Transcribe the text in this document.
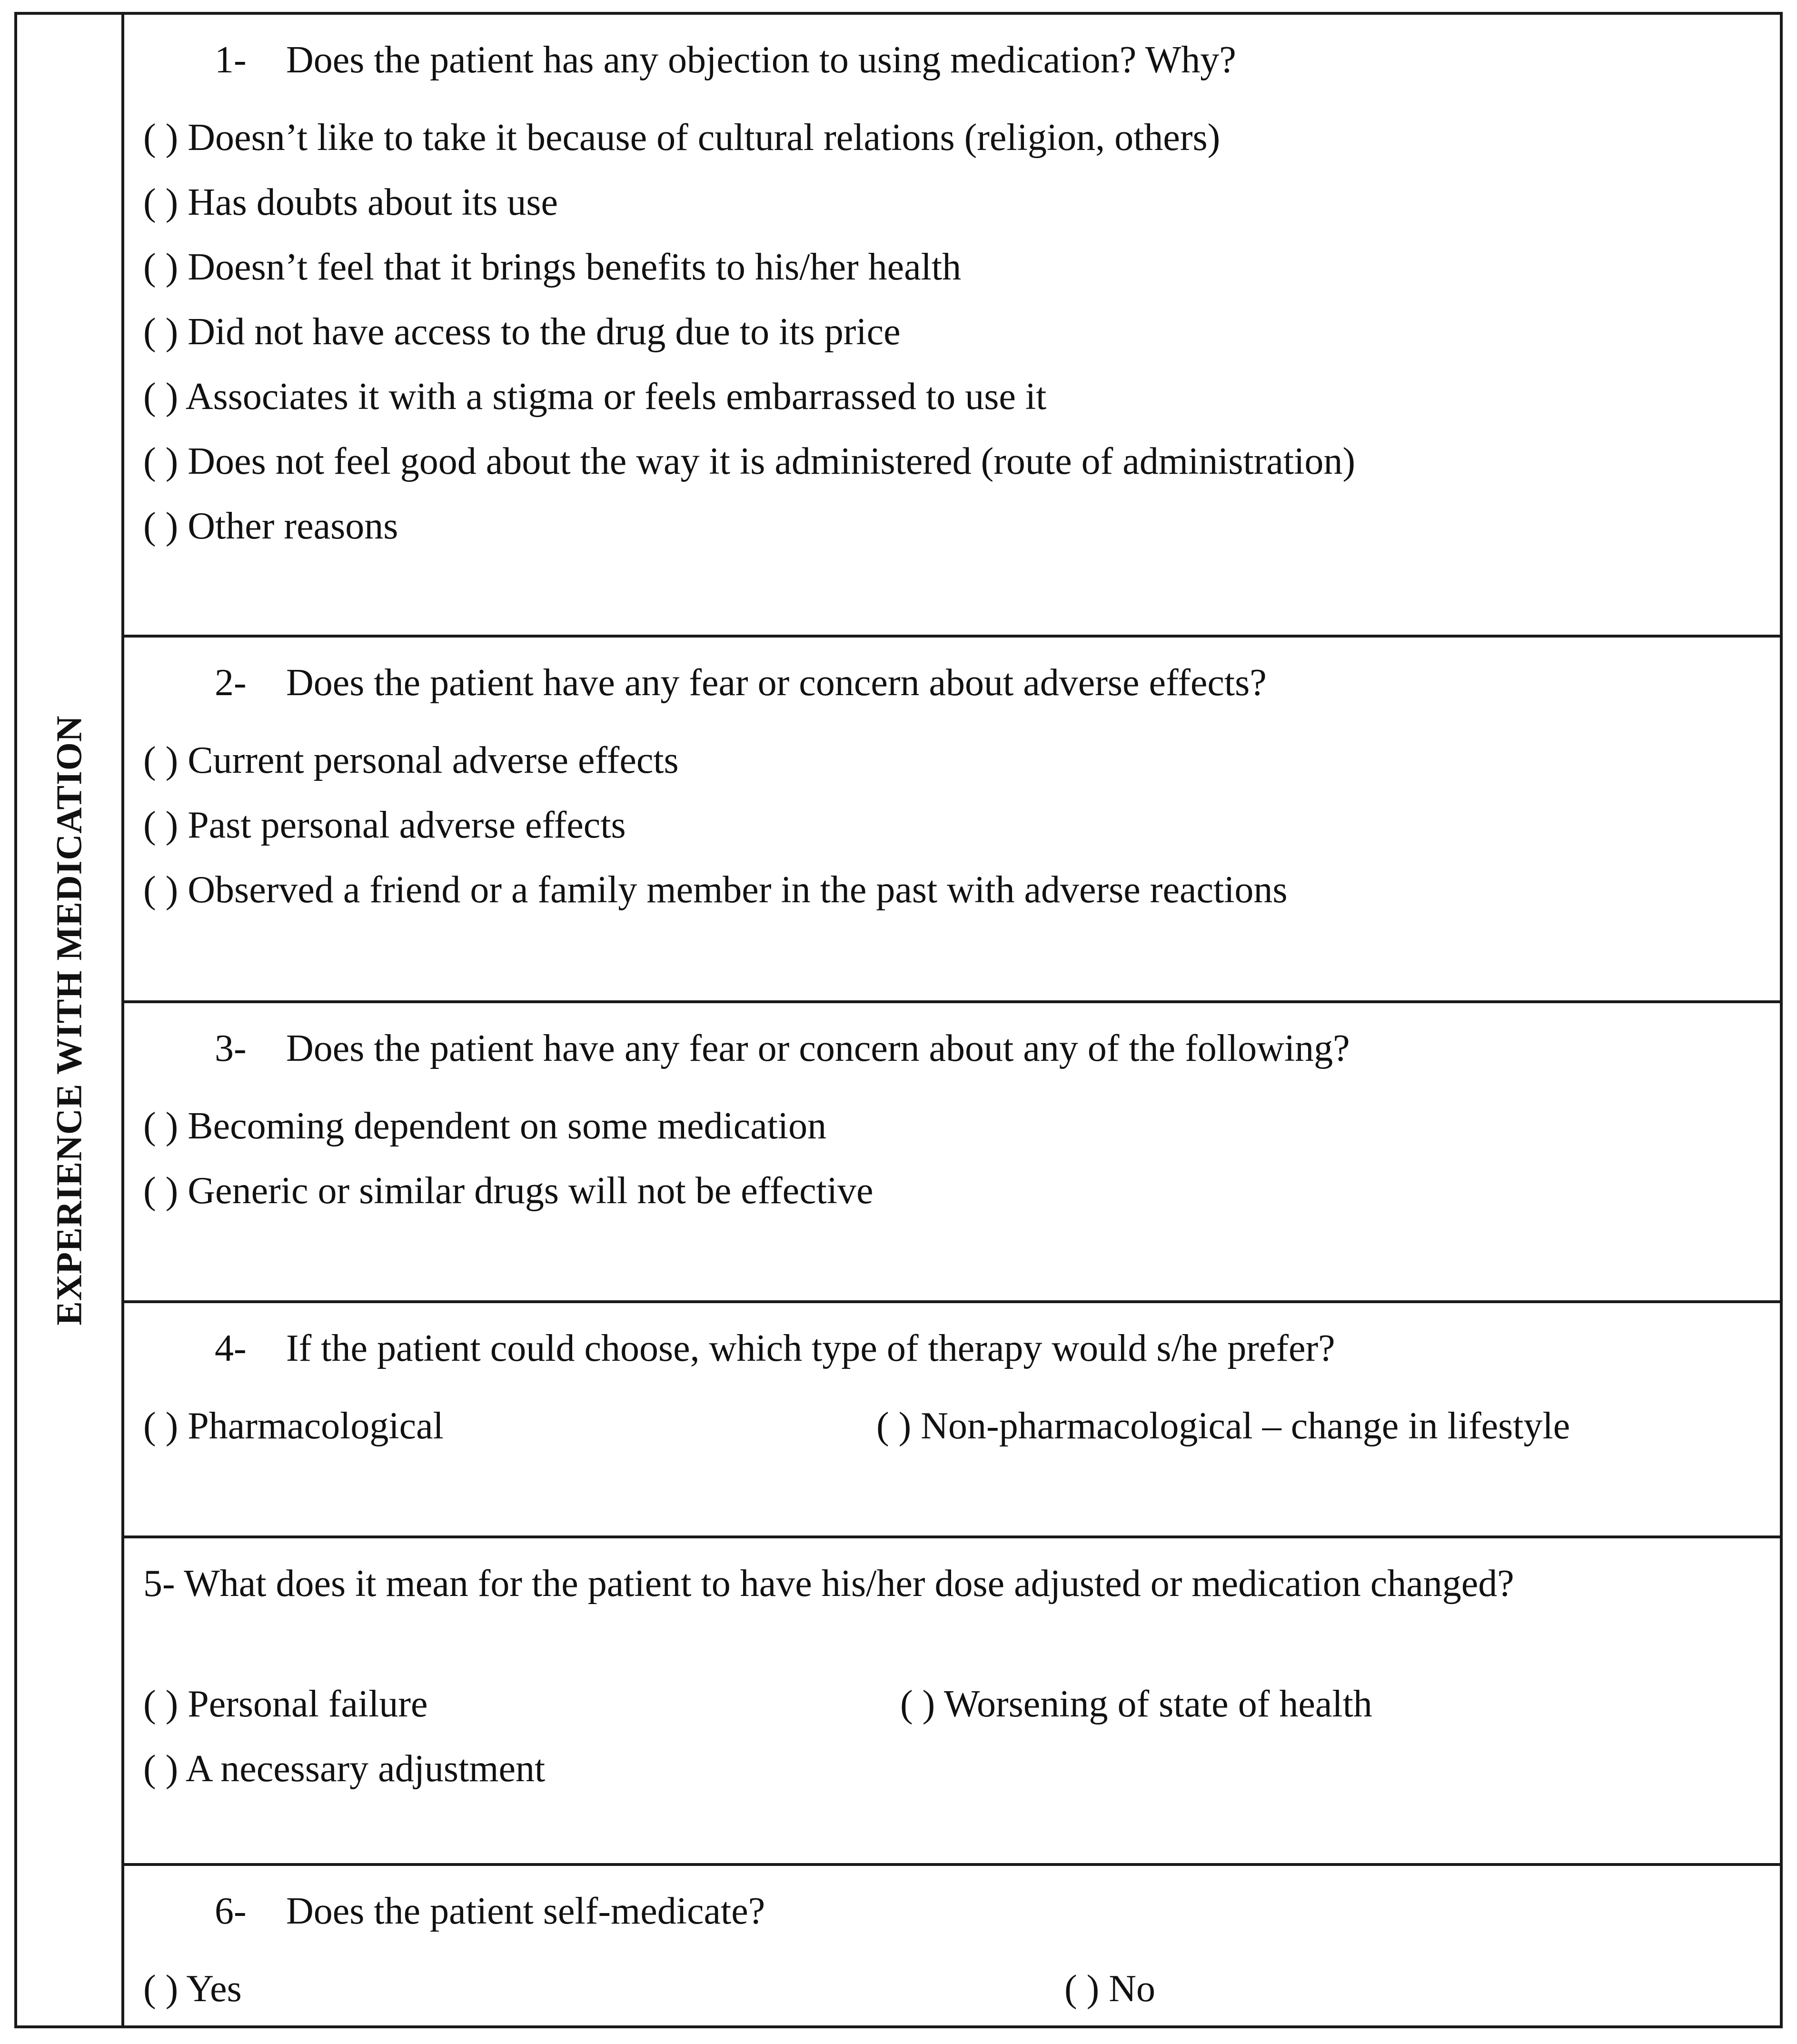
EXPERIENCE WITH MEDICATION
1- Does the patient has any objection to using medication? Why?
( ) Doesn’t like to take it because of cultural relations (religion, others)
( ) Has doubts about its use
( ) Doesn’t feel that it brings benefits to his/her health
( ) Did not have access to the drug due to its price
( ) Associates it with a stigma or feels embarrassed to use it
( ) Does not feel good about the way it is administered (route of administration)
( ) Other reasons
2- Does the patient have any fear or concern about adverse effects?
( ) Current personal adverse effects
( ) Past personal adverse effects
( ) Observed a friend or a family member in the past with adverse reactions
3- Does the patient have any fear or concern about any of the following?
( ) Becoming dependent on some medication
( ) Generic or similar drugs will not be effective
4- If the patient could choose, which type of therapy would s/he prefer?
( ) Pharmacological	( ) Non-pharmacological – change in lifestyle
5- What does it mean for the patient to have his/her dose adjusted or medication changed?
( ) Personal failure	( ) Worsening of state of health
( ) A necessary adjustment
6- Does the patient self-medicate?
( ) Yes	( ) No
